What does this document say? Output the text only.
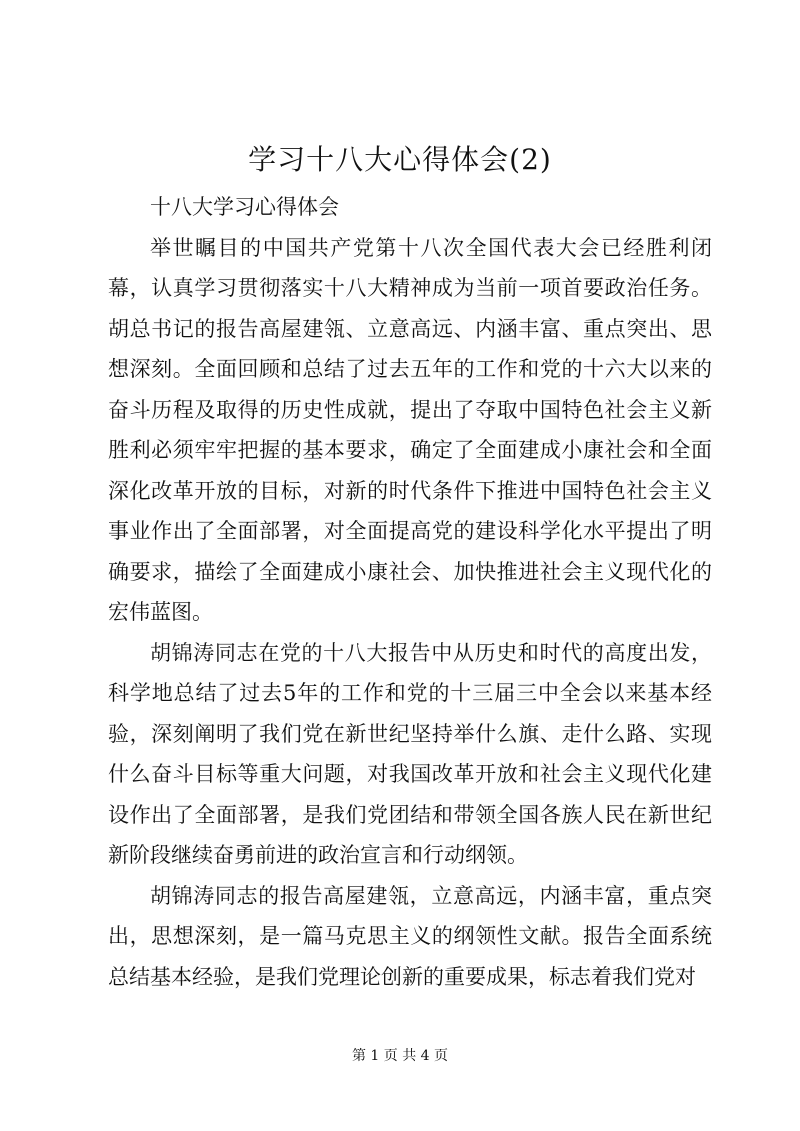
学习十八大心得体会(2)

十八大学习心得体会

举世瞩目的中国共产党第十八次全国代表大会已经胜利闭幕，认真学习贯彻落实十八大精神成为当前一项首要政治任务。胡总书记的报告高屋建瓴、立意高远、内涵丰富、重点突出、思想深刻。全面回顾和总结了过去五年的工作和党的十六大以来的奋斗历程及取得的历史性成就，提出了夺取中国特色社会主义新胜利必须牢牢把握的基本要求，确定了全面建成小康社会和全面深化改革开放的目标，对新的时代条件下推进中国特色社会主义事业作出了全面部署，对全面提高党的建设科学化水平提出了明确要求，描绘了全面建成小康社会、加快推进社会主义现代化的宏伟蓝图。

胡锦涛同志在党的十八大报告中从历史和时代的高度出发，科学地总结了过去5年的工作和党的十三届三中全会以来基本经验，深刻阐明了我们党在新世纪坚持举什么旗、走什么路、实现什么奋斗目标等重大问题，对我国改革开放和社会主义现代化建设作出了全面部署，是我们党团结和带领全国各族人民在新世纪新阶段继续奋勇前进的政治宣言和行动纲领。

胡锦涛同志的报告高屋建瓴，立意高远，内涵丰富，重点突出，思想深刻，是一篇马克思主义的纲领性文献。报告全面系统总结基本经验，是我们党理论创新的重要成果，标志着我们党对

第 1 页 共 4 页
